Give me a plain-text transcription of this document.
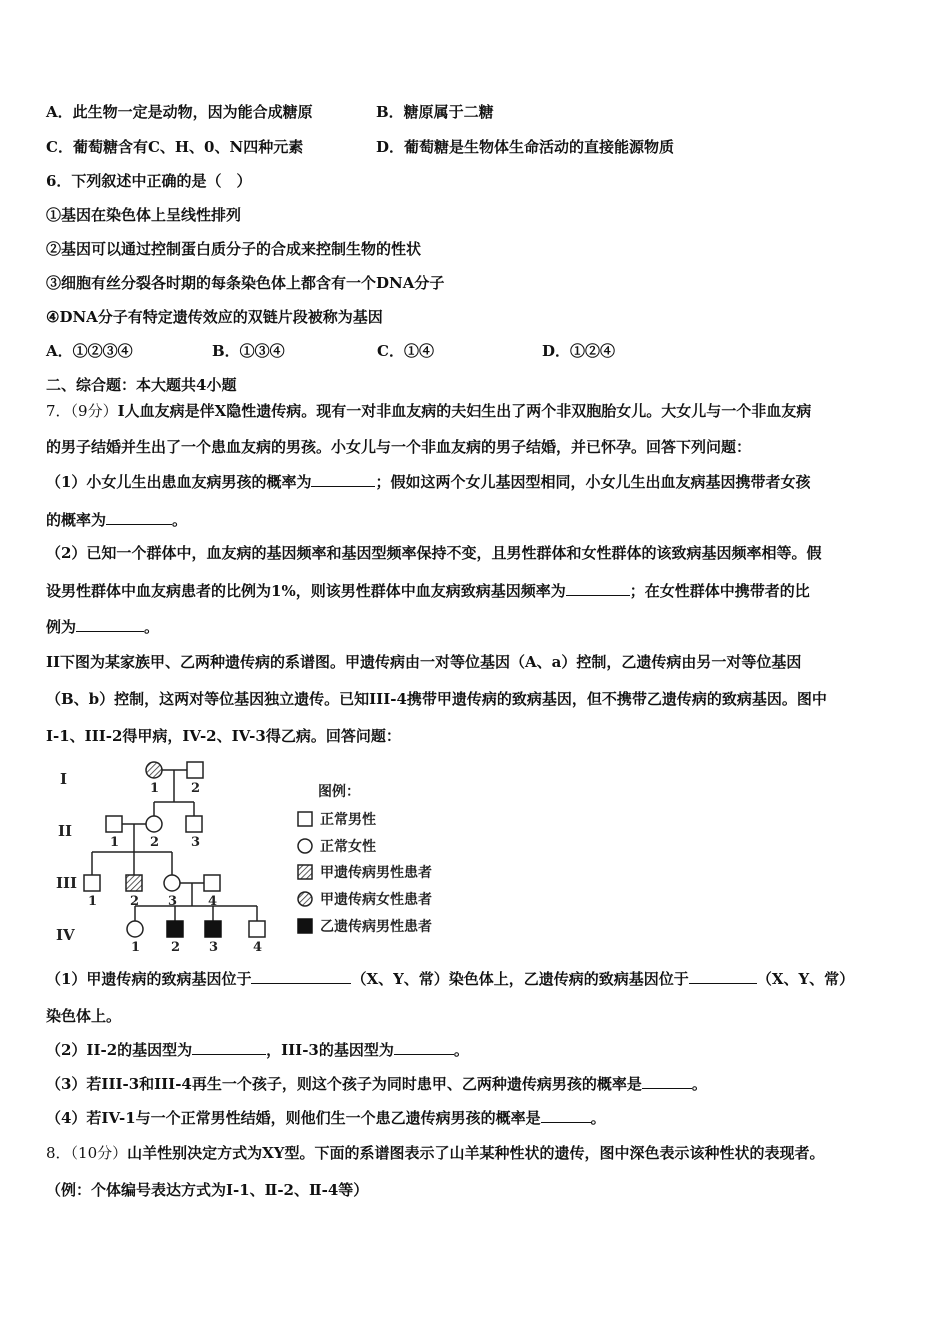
A．此生物一定是动物，因为能合成糖原	B．糖原属于二糖
C．葡萄糖含有C、H、0、N四种元素	D．葡萄糖是生物体生命活动的直接能源物质
6．下列叙述中正确的是（　）
①基因在染色体上呈线性排列
②基因可以通过控制蛋白质分子的合成来控制生物的性状
③细胞有丝分裂各时期的每条染色体上都含有一个DNA分子
④DNA分子有特定遗传效应的双链片段被称为基因
A．①②③④	B．①③④	C．①④	D．①②④
二、综合题：本大题共4小题
7．（9分）I人血友病是伴X隐性遗传病。现有一对非血友病的夫妇生出了两个非双胞胎女儿。大女儿与一个非血友病
的男子结婚并生出了一个患血友病的男孩。小女儿与一个非血友病的男子结婚，并已怀孕。回答下列问题：
（1）小女儿生出患血友病男孩的概率为	；假如这两个女儿基因型相同，小女儿生出血友病基因携带者女孩
的概率为	。
（2）已知一个群体中，血友病的基因频率和基因型频率保持不变，且男性群体和女性群体的该致病基因频率相等。假
设男性群体中血友病患者的比例为1%，则该男性群体中血友病致病基因频率为	；在女性群体中携带者的比
例为	。
II下图为某家族甲、乙两种遗传病的系谱图。甲遗传病由一对等位基因（A、a）控制，乙遗传病由另一对等位基因
（B、b）控制，这两对等位基因独立遗传。已知III-4携带甲遗传病的致病基因，但不携带乙遗传病的致病基因。图中
I-1、III-2得甲病，IV-2、IV-3得乙病。回答问题：
I
II
III
IV
1 2
1 2 3
1	2 3 4
1 2 3	4
图例：
正常男性
正常女性
甲遗传病男性患者
甲遗传病女性患者
乙遗传病男性患者
（1）甲遗传病的致病基因位于	（X、Y、常）染色体上，乙遗传病的致病基因位于	（X、Y、常）
染色体上。
（2）II-2的基因型为	，III-3的基因型为	。
（3）若III-3和III-4再生一个孩子，则这个孩子为同时患甲、乙两种遗传病男孩的概率是	。
（4）若IV-1与一个正常男性结婚，则他们生一个患乙遗传病男孩的概率是	。
8．（10分）山羊性别决定方式为XY型。下面的系谱图表示了山羊某种性状的遗传，图中深色表示该种性状的表现者。
（例：个体编号表达方式为Ⅰ-1、Ⅱ-2、Ⅱ-4等）
